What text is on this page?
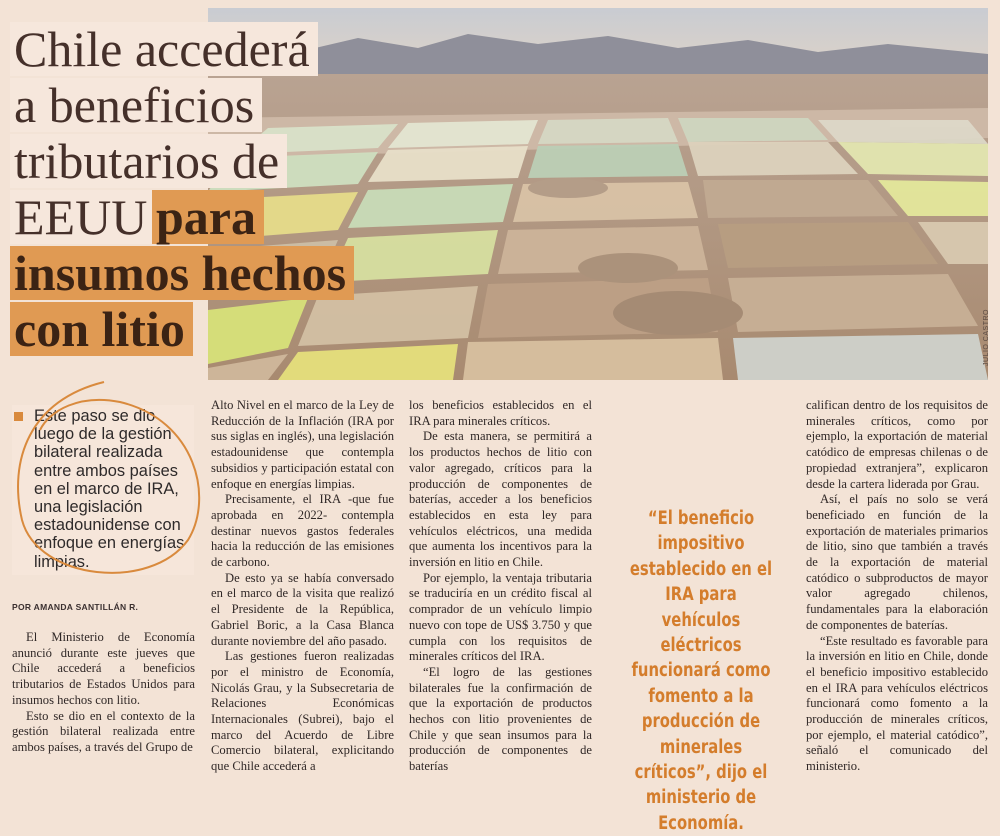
JULIO CASTRO
Chile accederá
a beneficios
tributarios de
EEUU para
insumos hechos
con litio

Este paso se dio luego de la gestión bilateral realizada entre ambos países en el marco de IRA, una legislación estadounidense con enfoque en energías limpias.

POR AMANDA SANTILLÁN R.

El Ministerio de Economía anunció durante este jueves que Chile accederá a beneficios tributarios de Estados Unidos para insumos hechos con litio.

Esto se dio en el contexto de la gestión bilateral realizada entre ambos países, a través del Grupo de

Alto Nivel en el marco de la Ley de Reducción de la Inflación (IRA por sus siglas en inglés), una legislación estadounidense que contempla subsidios y participación estatal con enfoque en energías limpias.

Precisamente, el IRA -que fue aprobada en 2022- contempla destinar nuevos gastos federales hacia la reducción de las emisiones de carbono.

De esto ya se había conversado en el marco de la visita que realizó el Presidente de la República, Gabriel Boric, a la Casa Blanca durante noviembre del año pasado.

Las gestiones fueron realizadas por el ministro de Economía, Nicolás Grau, y la Subsecretaria de Relaciones Económicas Internacionales (Subrei), bajo el marco del Acuerdo de Libre Comercio bilateral, explicitando que Chile accederá a

los beneficios establecidos en el IRA para minerales críticos.

De esta manera, se permitirá a los productos hechos de litio con valor agregado, críticos para la producción de componentes de baterías, acceder a los beneficios establecidos en esta ley para vehículos eléctricos, una medida que aumenta los incentivos para la inversión en litio en Chile.

Por ejemplo, la ventaja tributaria se traduciría en un crédito fiscal al comprador de un vehículo limpio nuevo con tope de US$ 3.750 y que cumpla con los requisitos de minerales críticos del IRA.

“El logro de las gestiones bilaterales fue la confirmación de que la exportación de productos hechos con litio provenientes de Chile y que sean insumos para la producción de componentes de baterías

“El beneficio impositivo establecido en el IRA para vehículos eléctricos funcionará como fomento a la producción de minerales críticos”, dijo el ministerio de Economía.

califican dentro de los requisitos de minerales críticos, como por ejemplo, la exportación de material catódico de empresas chilenas o de propiedad extranjera”, explicaron desde la cartera liderada por Grau.

Así, el país no solo se verá beneficiado en función de la exportación de materiales primarios de litio, sino que también a través de la exportación de material catódico o subproductos de mayor valor agregado chilenos, fundamentales para la elaboración de componentes de baterías.

“Este resultado es favorable para la inversión en litio en Chile, donde el beneficio impositivo establecido en el IRA para vehículos eléctricos funcionará como fomento a la producción de minerales críticos, por ejemplo, el material catódico”, señaló el comunicado del ministerio.
